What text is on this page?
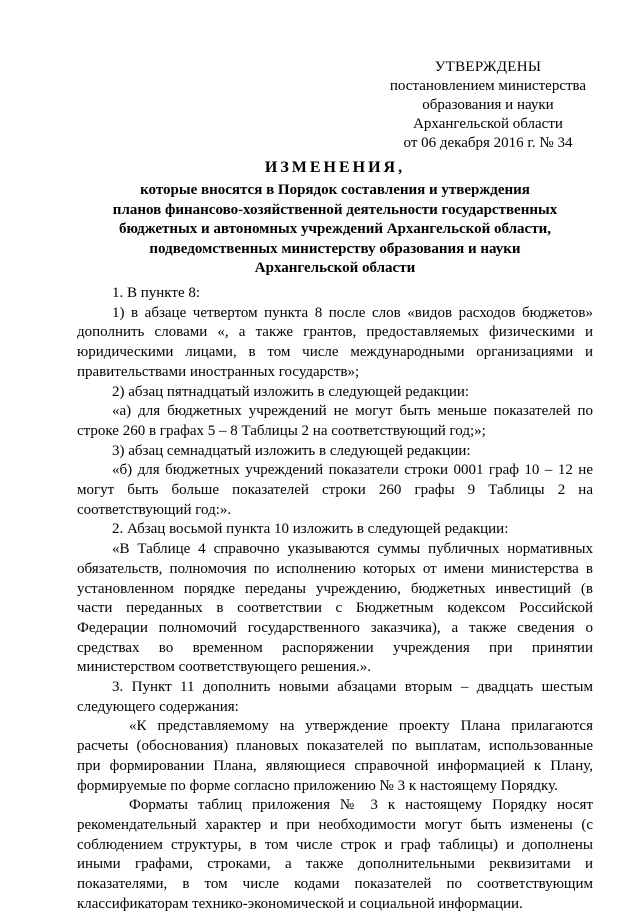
УТВЕРЖДЕНЫ
постановлением министерства
образования и науки
Архангельской области
от 06 декабря 2016 г. № 34
ИЗМЕНЕНИЯ,
которые вносятся в Порядок составления и утверждения
планов финансово-хозяйственной деятельности государственных
бюджетных и автономных учреждений Архангельской области,
подведомственных министерству образования и науки
Архангельской области

1. В пункте 8:

1) в абзаце четвертом пункта 8 после слов «видов расходов бюджетов» дополнить словами «, а также грантов, предоставляемых физическими и юридическими лицами, в том числе международными организациями и правительствами иностранных государств»;

2) абзац пятнадцатый изложить в следующей редакции:

«а) для бюджетных учреждений не могут быть меньше показателей по строке 260 в графах 5 – 8 Таблицы 2 на соответствующий год;»;

3) абзац семнадцатый изложить в следующей редакции:

«б) для бюджетных учреждений показатели строки 0001 граф 10 – 12 не могут быть больше показателей строки 260 графы 9 Таблицы 2 на соответствующий год:».

2. Абзац восьмой пункта 10 изложить в следующей редакции:

«В Таблице 4 справочно указываются суммы публичных нормативных обязательств, полномочия по исполнению которых от имени министерства в установленном порядке переданы учреждению, бюджетных инвестиций (в части переданных в соответствии с Бюджетным кодексом Российской Федерации полномочий государственного заказчика), а также сведения о средствах во временном распоряжении учреждения при принятии министерством соответствующего решения.».

3. Пункт 11 дополнить новыми абзацами вторым – двадцать шестым следующего содержания:

«К представляемому на утверждение проекту Плана прилагаются расчеты (обоснования) плановых показателей по выплатам, использованные при формировании Плана, являющиеся справочной информацией к Плану, формируемые по форме согласно приложению № 3 к настоящему Порядку.

Форматы таблиц приложения № 3 к настоящему Порядку носят рекомендательный характер и при необходимости могут быть изменены (с соблюдением структуры, в том числе строк и граф таблицы) и дополнены иными графами, строками, а также дополнительными реквизитами и показателями, в том числе кодами показателей по соответствующим классификаторам технико-экономической и социальной информации.
